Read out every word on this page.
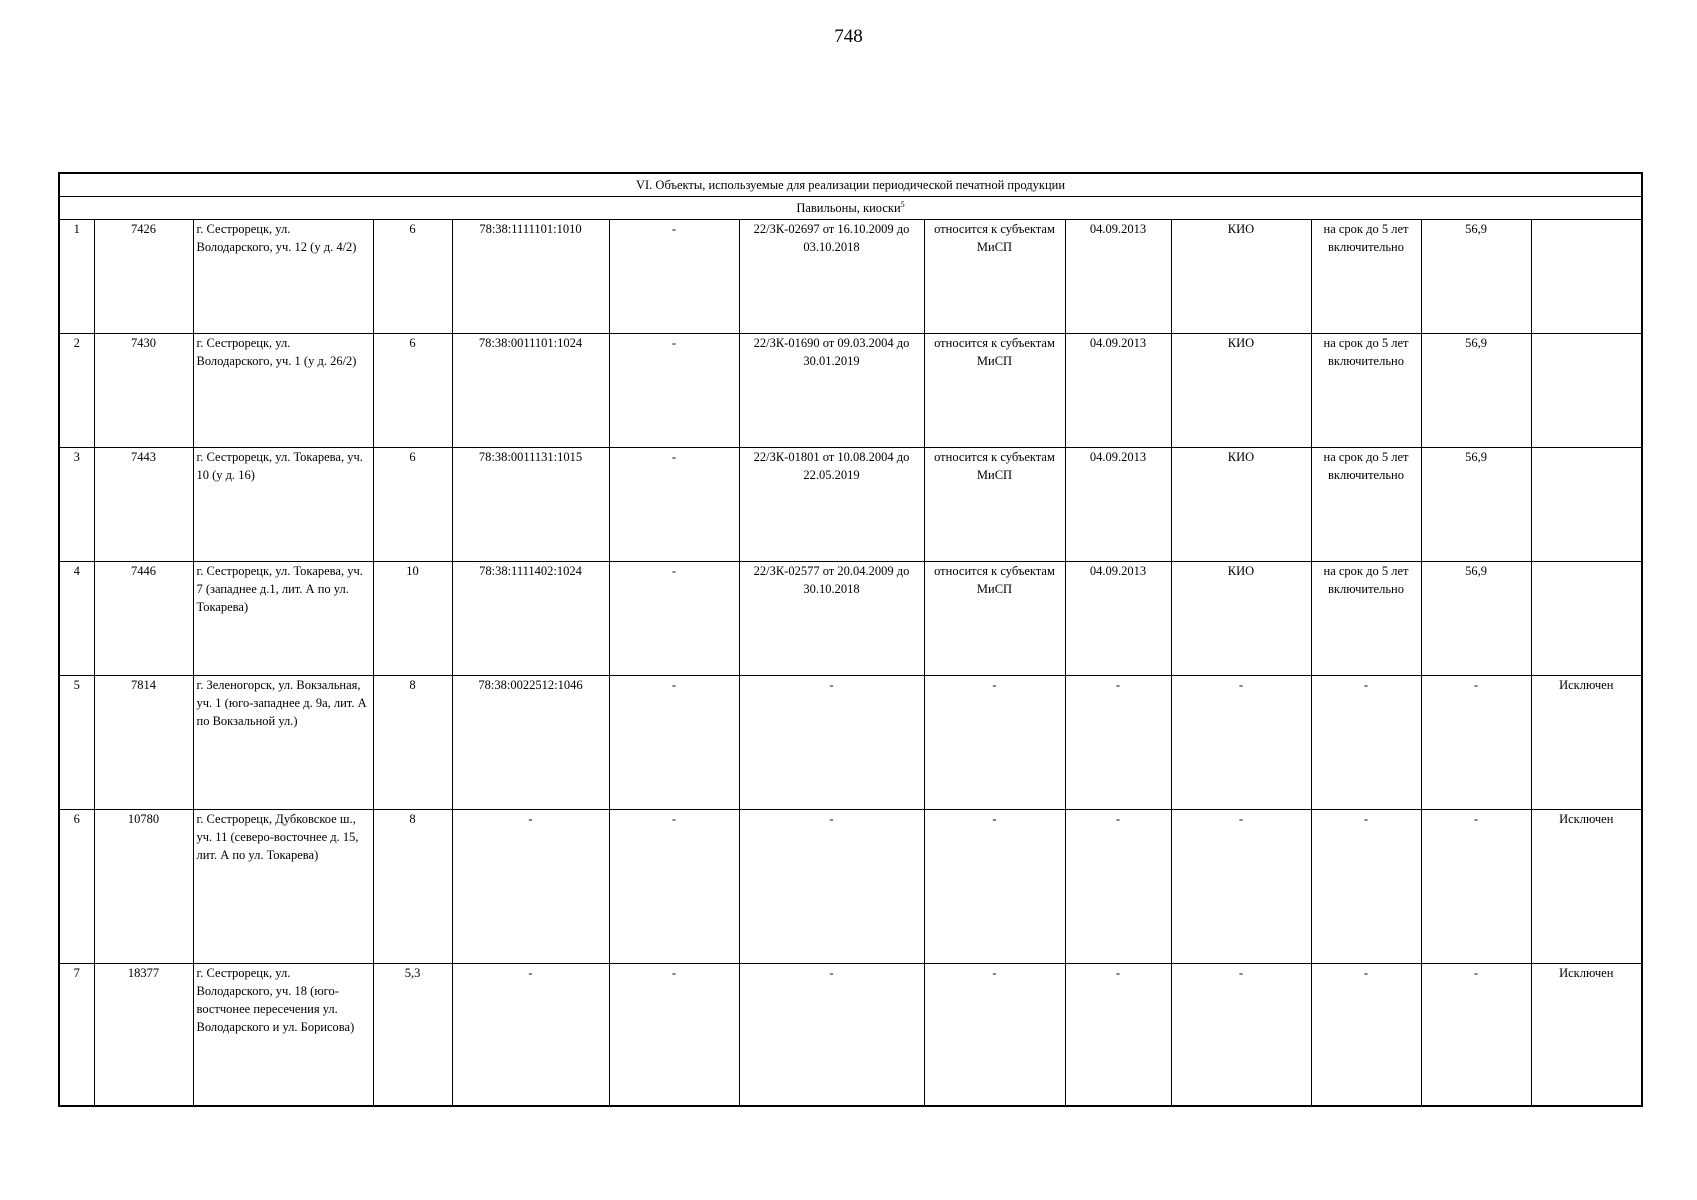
748
VI. Объекты, используемые для реализации периодической печатной продукции												
Павильоны, киоски$^5$
1	7426	г. Сестрорецк, ул. Володарского, уч. 12 (у д. 4/2)	6	78:38:1111101:1010	-	22/ЗК-02697 от 16.10.2009 до 03.10.2018	относится к субъектам МиСП	04.09.2013	КИО	на срок до 5 лет включительно	56,9	
2	7430	г. Сестрорецк, ул. Володарского, уч. 1 (у д. 26/2)	6	78:38:0011101:1024	-	22/ЗК-01690 от 09.03.2004 до 30.01.2019	относится к субъектам МиСП	04.09.2013	КИО	на срок до 5 лет включительно	56,9	
3	7443	г. Сестрорецк, ул. Токарева, уч. 10 (у д. 16)	6	78:38:0011131:1015	-	22/ЗК-01801 от 10.08.2004 до 22.05.2019	относится к субъектам МиСП	04.09.2013	КИО	на срок до 5 лет включительно	56,9	
4	7446	г. Сестрорецк, ул. Токарева, уч. 7 (западнее д.1, лит. А по ул. Токарева)	10	78:38:1111402:1024	-	22/ЗК-02577 от 20.04.2009 до 30.10.2018	относится к субъектам МиСП	04.09.2013	КИО	на срок до 5 лет включительно	56,9	
5	7814	г. Зеленогорск, ул. Вокзальная, уч. 1 (юго-западнее д. 9а, лит. А по Вокзальной ул.)	8	78:38:0022512:1046	-	-	-	-	-	-	-	Исключен
6	10780	г. Сестрорецк, Дубковское ш., уч. 11 (северо-восточнее д. 15, лит. А по ул. Токарева)	8	-	-	-	-	-	-	-	-	Исключен
7	18377	г. Сестрорецк, ул. Володарского, уч. 18 (юго-востчонее пересечения ул. Володарского и ул. Борисова)	5,3	-	-	-	-	-	-	-	-	Исключен
